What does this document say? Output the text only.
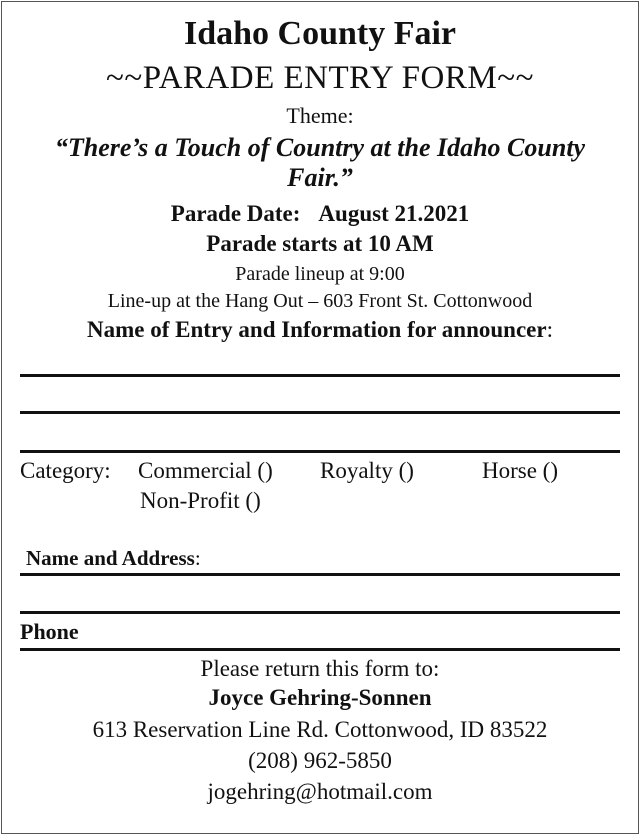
Idaho County Fair
~~PARADE ENTRY FORM~~
Theme:
“There’s a Touch of Country at the Idaho County
Fair.”
Parade Date: August 21.2021
Parade starts at 10 AM
Parade lineup at 9:00
Line-up at the Hang Out – 603 Front St. Cottonwood
Name of Entry and Information for announcer:
Category: Commercial () Royalty ()	Horse ()
Non-Profit ()
Name and Address:
Phone
Please return this form to:
Joyce Gehring-Sonnen
613 Reservation Line Rd. Cottonwood, ID 83522
(208) 962-5850
jogehring@hotmail.com
